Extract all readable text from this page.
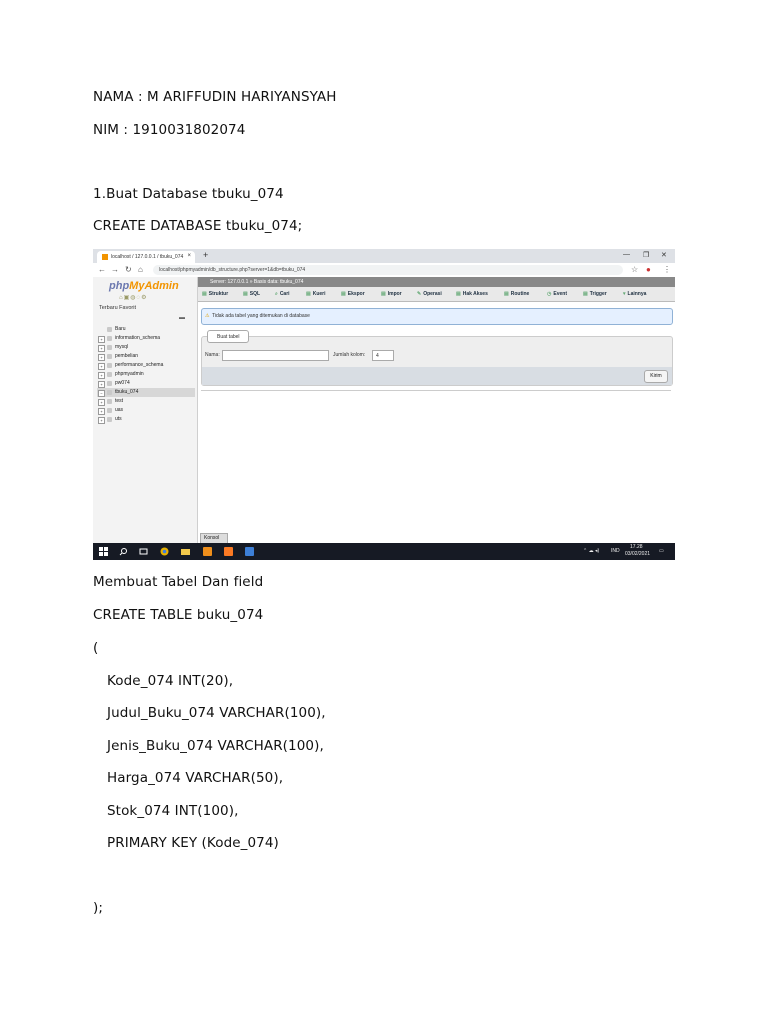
NAMA : M ARIFFUDIN HARIYANSYAH
NIM : 1910031802074
1.Buat Database tbuku_074
CREATE DATABASE tbuku_074;
localhost / 127.0.0.1 / tbuku_074 × +	— ❐ ✕
← → ↻ ⌂	localhost/phpmyadmin/db_structure.php?server=1&db=tbuku_074	☆ ● ⋮
phpMyAdmin
⌂▣◍◌⚙
Terbaru Favorit
▬
Baru
+	information_schema
+	mysql
+	pembelian
+	performance_schema
+	phpmyadmin
+	pw074
−	tbuku_074
+	test
+	uas
+	uts
Server: 127.0.0.1 » Basis data: tbuku_074
▤ Struktur	▤ SQL	⌕ Cari	▤ Kueri	▤ Ekspor	▤ Impor	✎ Operasi	▤ Hak Akses	▤ Routine	◷ Event	▤ Trigger	▾ Lainnya
⚠ Tidak ada tabel yang ditemukan di database
Buat tabel
Nama:	Jumlah kolom: 4
Kirim
Konsol
⌃ ☁ ◂) IND
17.28
03/02/2021 ▭
Membuat Tabel Dan field
CREATE TABLE buku_074
(
Kode_074 INT(20),
Judul_Buku_074 VARCHAR(100),
Jenis_Buku_074 VARCHAR(100),
Harga_074 VARCHAR(50),
Stok_074 INT(100),
PRIMARY KEY (Kode_074)
);
